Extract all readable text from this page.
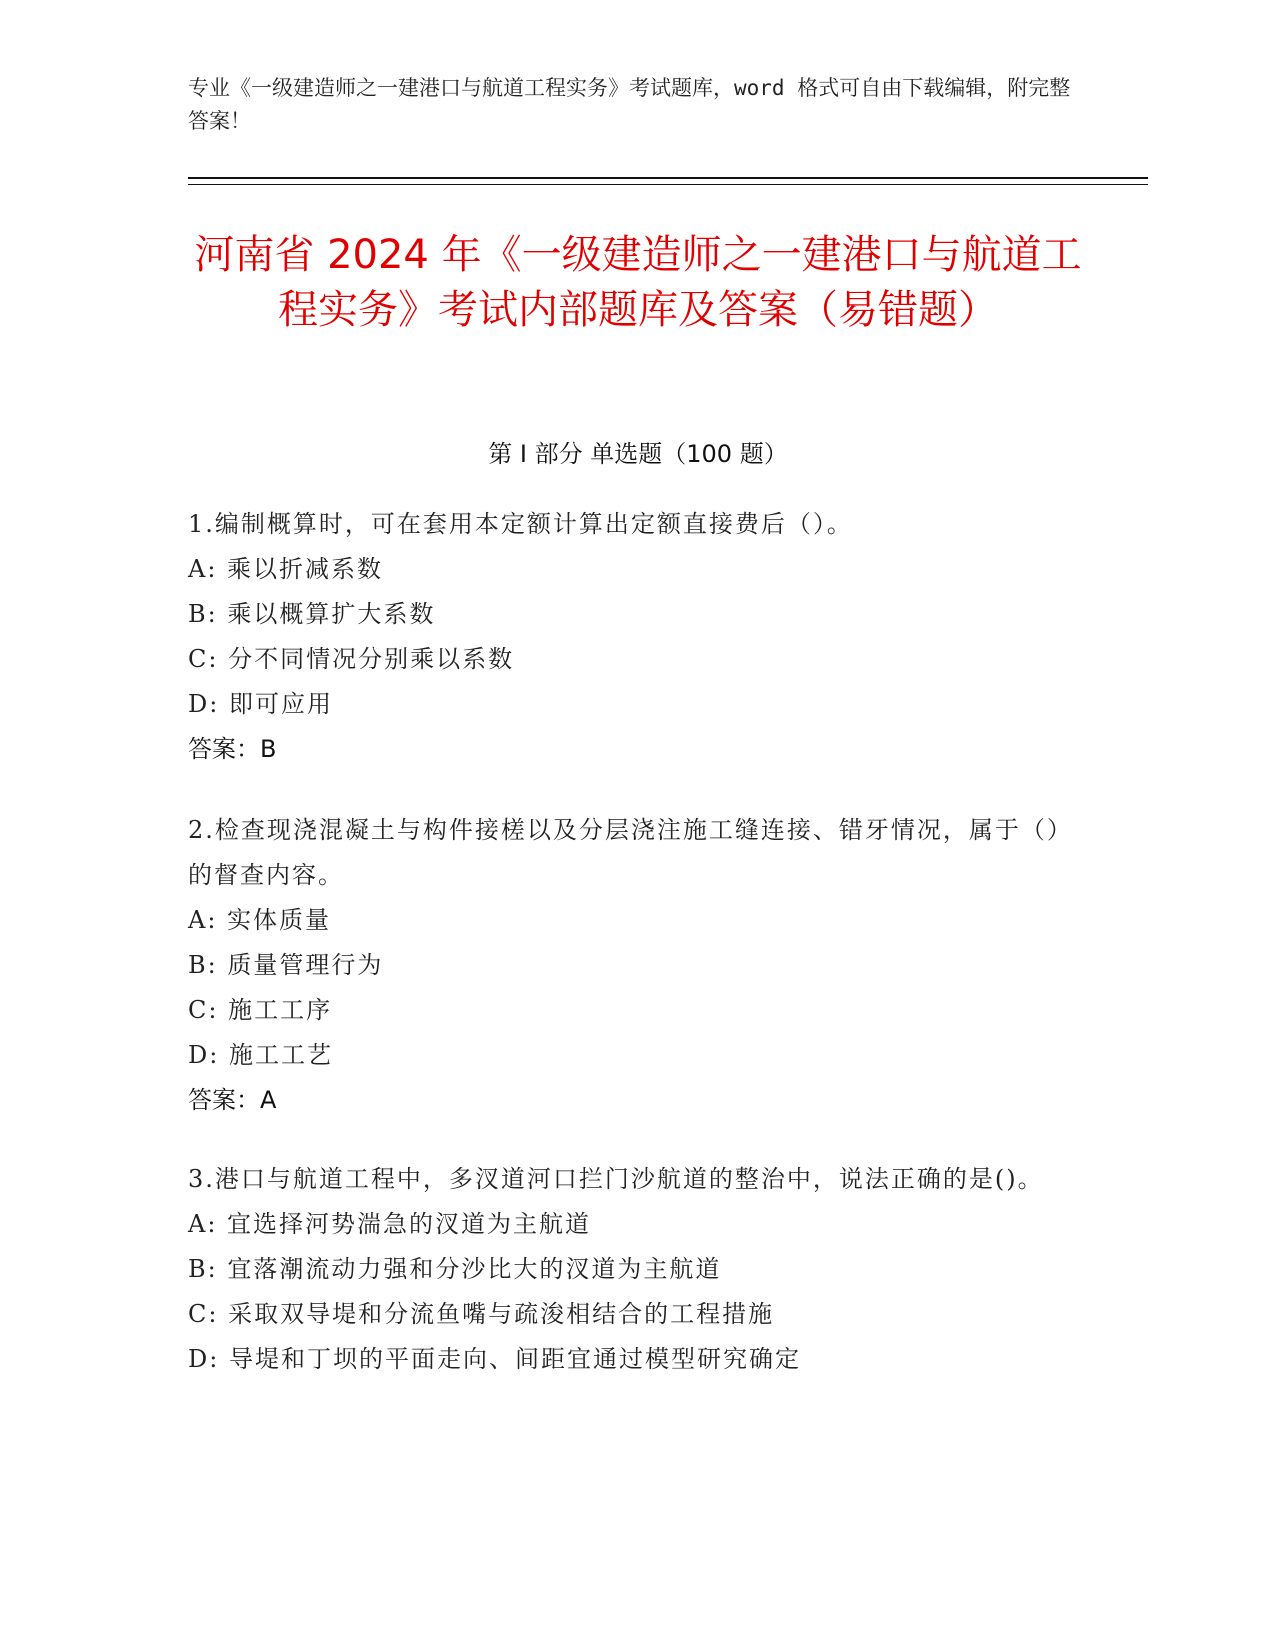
专业《一级建造师之一建港口与航道工程实务》考试题库，word 格式可自由下载编辑，附完整答案！
河南省 2024 年《一级建造师之一建港口与航道工程实务》考试内部题库及答案（易错题）
第 I 部分 单选题（100 题）

1.编制概算时，可在套用本定额计算出定额直接费后（）。

A: 乘以折减系数

B: 乘以概算扩大系数

C: 分不同情况分别乘以系数

D: 即可应用

答案：B

2.检查现浇混凝土与构件接槎以及分层浇注施工缝连接、错牙情况，属于（）的督查内容。

A: 实体质量

B: 质量管理行为

C: 施工工序

D: 施工工艺

答案：A

3.港口与航道工程中，多汊道河口拦门沙航道的整治中，说法正确的是()。

A: 宜选择河势湍急的汊道为主航道

B: 宜落潮流动力强和分沙比大的汊道为主航道

C: 采取双导堤和分流鱼嘴与疏浚相结合的工程措施

D: 导堤和丁坝的平面走向、间距宜通过模型研究确定
